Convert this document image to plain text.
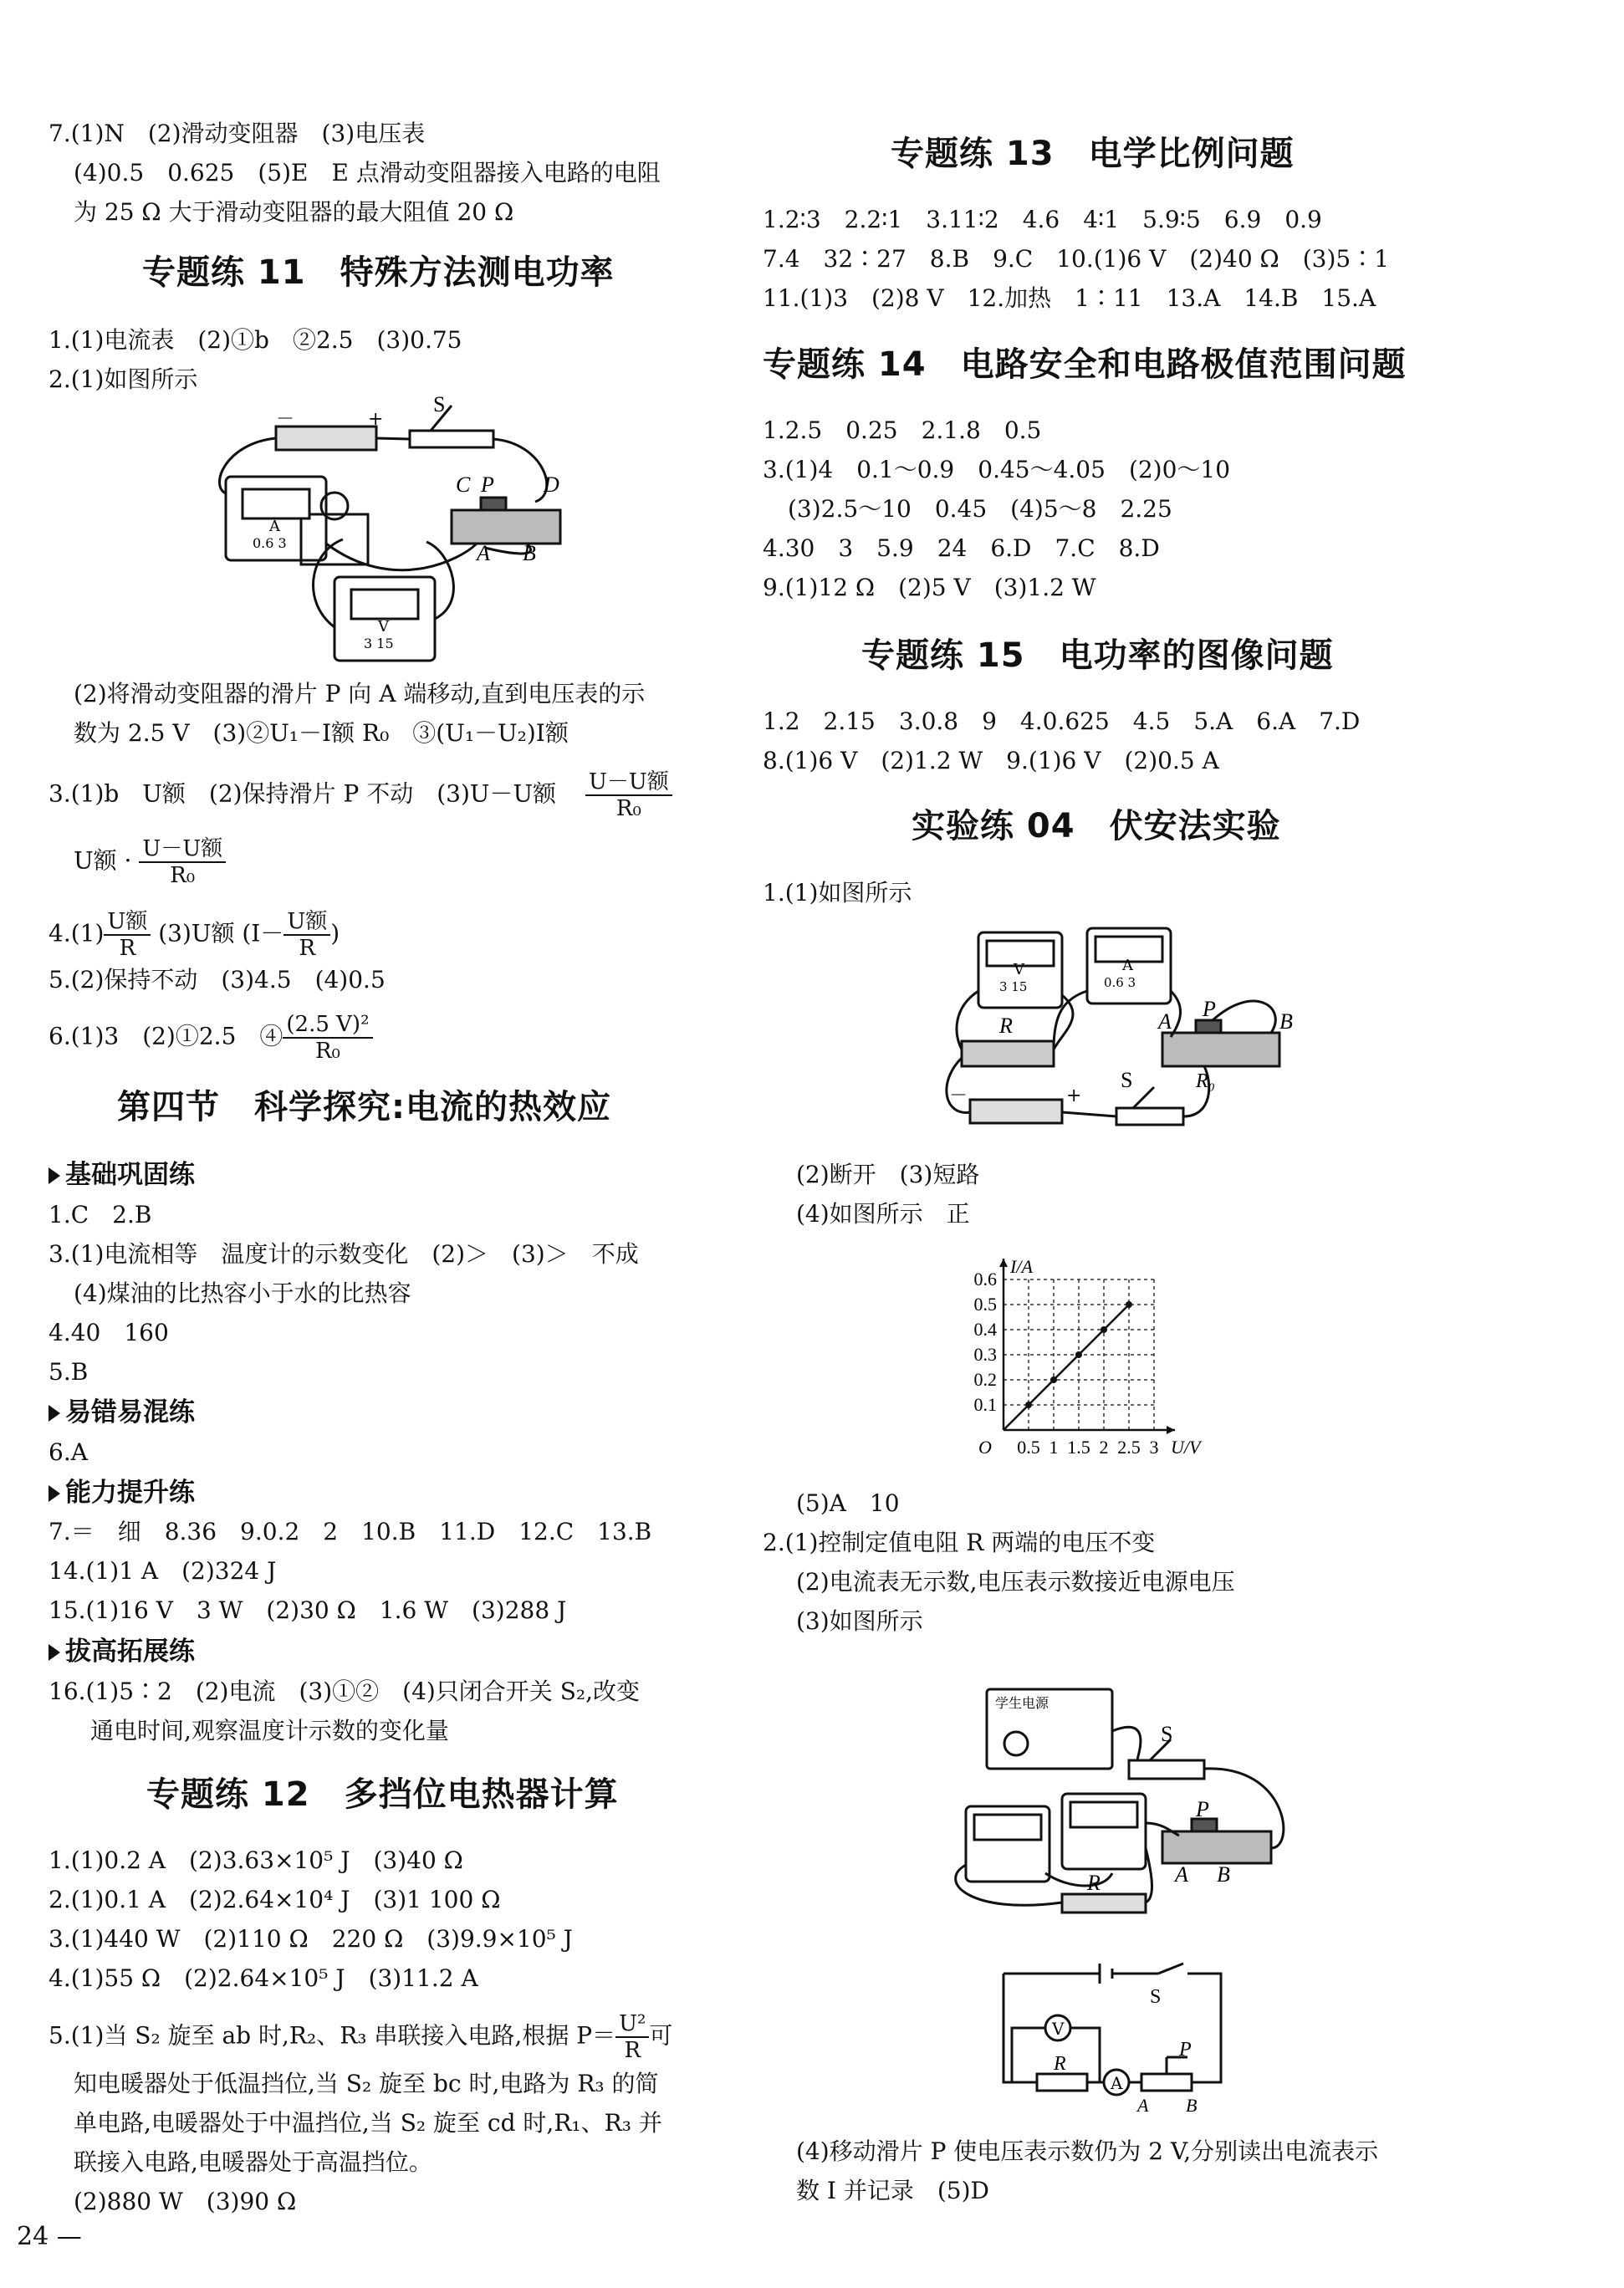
7.(1)N　(2)滑动变阻器　(3)电压表
(4)0.5　0.625　(5)E　E 点滑动变阻器接入电路的电阻
为 25 Ω 大于滑动变阻器的最大阻值 20 Ω
专题练 11　特殊方法测电功率
1.(1)电流表　(2)①b　②2.5　(3)0.75
2.(1)如图所示
－	+
S
C P D
A B
A
0.6 3
V
3 15
(2)将滑动变阻器的滑片 P 向 A 端移动,直到电压表的示
数为 2.5 V　(3)②U₁－I额 R₀　③(U₁－U₂)I额
3.(1)b　U额　(2)保持滑片 P 不动　(3)U－U额 $\frac{\text{U－U额}}{\text{R₀}}$
U额 · $\frac{\text{U－U额}}{\text{R₀}}$
$4.(1) \frac{\text{U额}}{R} (3)U$额 ($I- \frac{\text{U额}}{R}$ )
5.(2)保持不动　(3)4.5　(4)0.5
6.(1)3　(2)①2.5　④ $\frac{\text{(2.5 V)²}}{\text{R₀}}$
第四节　科学探究:电流的热效应
基础巩固练
1.C　2.B
3.(1)电流相等　温度计的示数变化　(2)＞　(3)＞　不成
(4)煤油的比热容小于水的比热容
4.40　160
5.B
易错易混练
6.A
能力提升练
7.＝　细　8.36　9.0.2　2　10.B　11.D　12.C　13.B
14.(1)1 A　(2)324 J
15.(1)16 V　3 W　(2)30 Ω　1.6 W　(3)288 J
拔高拓展练
16.(1)5∶2　(2)电流　(3)①②　(4)只闭合开关 S₂,改变
通电时间,观察温度计示数的变化量
专题练 12　多挡位电热器计算
1.(1)0.2 A　(2)3.63×10⁵ J　(3)40 Ω
2.(1)0.1 A　(2)2.64×10⁴ J　(3)1 100 Ω
3.(1)440 W　(2)110 Ω　220 Ω　(3)9.9×10⁵ J
4.(1)55 Ω　(2)2.64×10⁵ J　(3)11.2 A
5.(1)当 S₂ 旋至 ab 时,R₂、R₃ 串联接入电路,根据 $P= \frac{\text{U²}}{R}$ 可
知电暖器处于低温挡位,当 S₂ 旋至 bc 时,电路为 R₃ 的简
单电路,电暖器处于中温挡位,当 S₂ 旋至 cd 时,R₁、R₃ 并
联接入电路,电暖器处于高温挡位。
(2)880 W　(3)90 Ω
24 —
专题练 13　电学比例问题
1.2∶3　2.2∶1　3.11∶2　4.6　4∶1　5.9∶5　6.9　0.9
7.4　32∶27　8.B　9.C　10.(1)6 V　(2)40 Ω　(3)5∶1
11.(1)3　(2)8 V　12.加热　1∶11　13.A　14.B　15.A
专题练 14　电路安全和电路极值范围问题
1.2.5　0.25　2.1.8　0.5
3.(1)4　0.1～0.9　0.45～4.05　(2)0～10
(3)2.5～10　0.45　(4)5～8　2.25
4.30　3　5.9　24　6.D　7.C　8.D
9.(1)12 Ω　(2)5 V　(3)1.2 W
专题练 15　电功率的图像问题
1.2　2.15　3.0.8　9　4.0.625　4.5　5.A　6.A　7.D
8.(1)6 V　(2)1.2 W　9.(1)6 V　(2)0.5 A
实验练 04　伏安法实验
1.(1)如图所示
V
3 15
A
0.6 3
R
R₀
A
P
B
S
+
－
(2)断开　(3)短路
(4)如图所示　正
0.5 1 1.5 2 2.5 3
0.1
0.2
0.3
0.4
0.5
0.6
O
I/A
U/V
(5)A　10
2.(1)控制定值电阻 R 两端的电压不变
(2)电流表无示数,电压表示数接近电源电压
(3)如图所示
学生电源
S
P
A B
R
S
V
R
A
P
A B
(4)移动滑片 P 使电压表示数仍为 2 V,分别读出电流表示
数 I 并记录　(5)D
